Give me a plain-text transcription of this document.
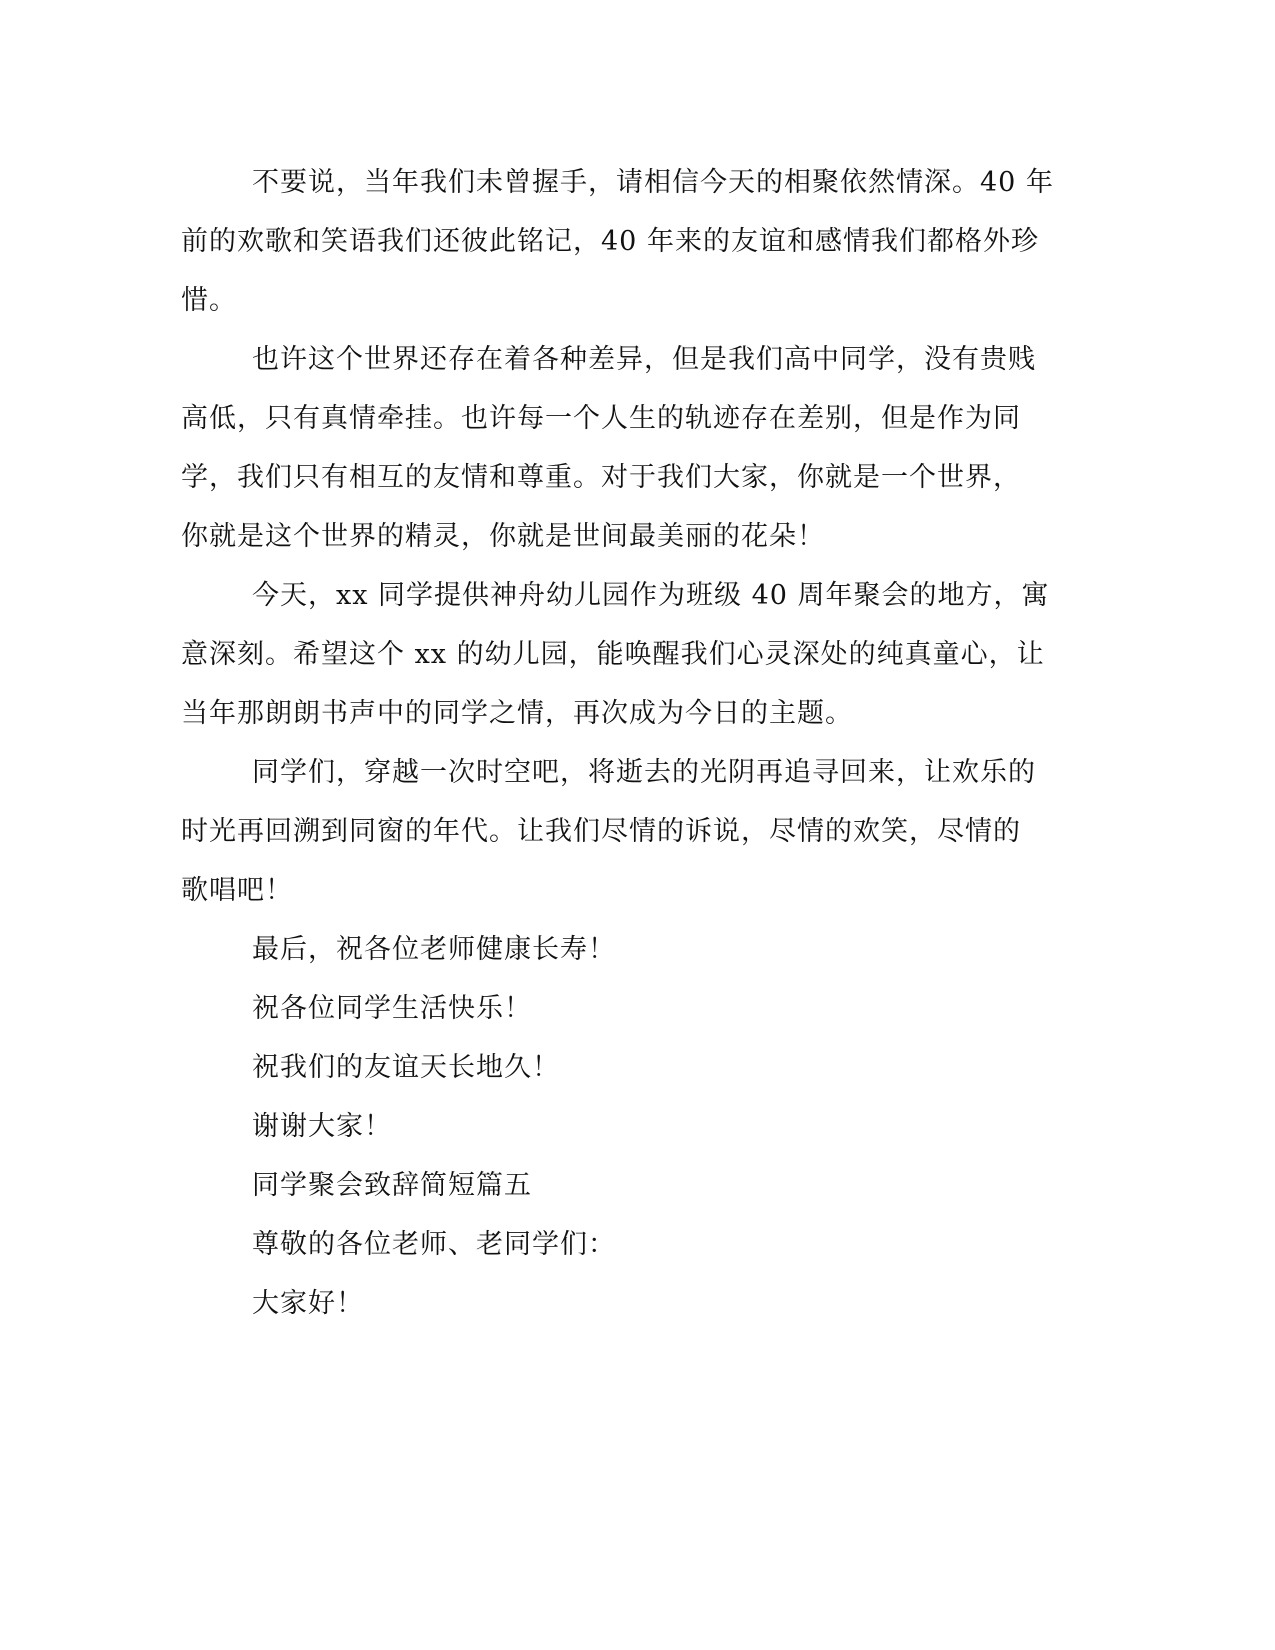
不要说，当年我们未曾握手，请相信今天的相聚依然情深。40 年
前的欢歌和笑语我们还彼此铭记，40 年来的友谊和感情我们都格外珍
惜。
也许这个世界还存在着各种差异，但是我们高中同学，没有贵贱
高低，只有真情牵挂。也许每一个人生的轨迹存在差别，但是作为同
学，我们只有相互的友情和尊重。对于我们大家，你就是一个世界，
你就是这个世界的精灵，你就是世间最美丽的花朵！
今天，xx 同学提供神舟幼儿园作为班级 40 周年聚会的地方，寓
意深刻。希望这个 xx 的幼儿园，能唤醒我们心灵深处的纯真童心，让
当年那朗朗书声中的同学之情，再次成为今日的主题。
同学们，穿越一次时空吧，将逝去的光阴再追寻回来，让欢乐的
时光再回溯到同窗的年代。让我们尽情的诉说，尽情的欢笑，尽情的
歌唱吧！
最后，祝各位老师健康长寿！
祝各位同学生活快乐！
祝我们的友谊天长地久！
谢谢大家！
同学聚会致辞简短篇五
尊敬的各位老师、老同学们：
大家好！
